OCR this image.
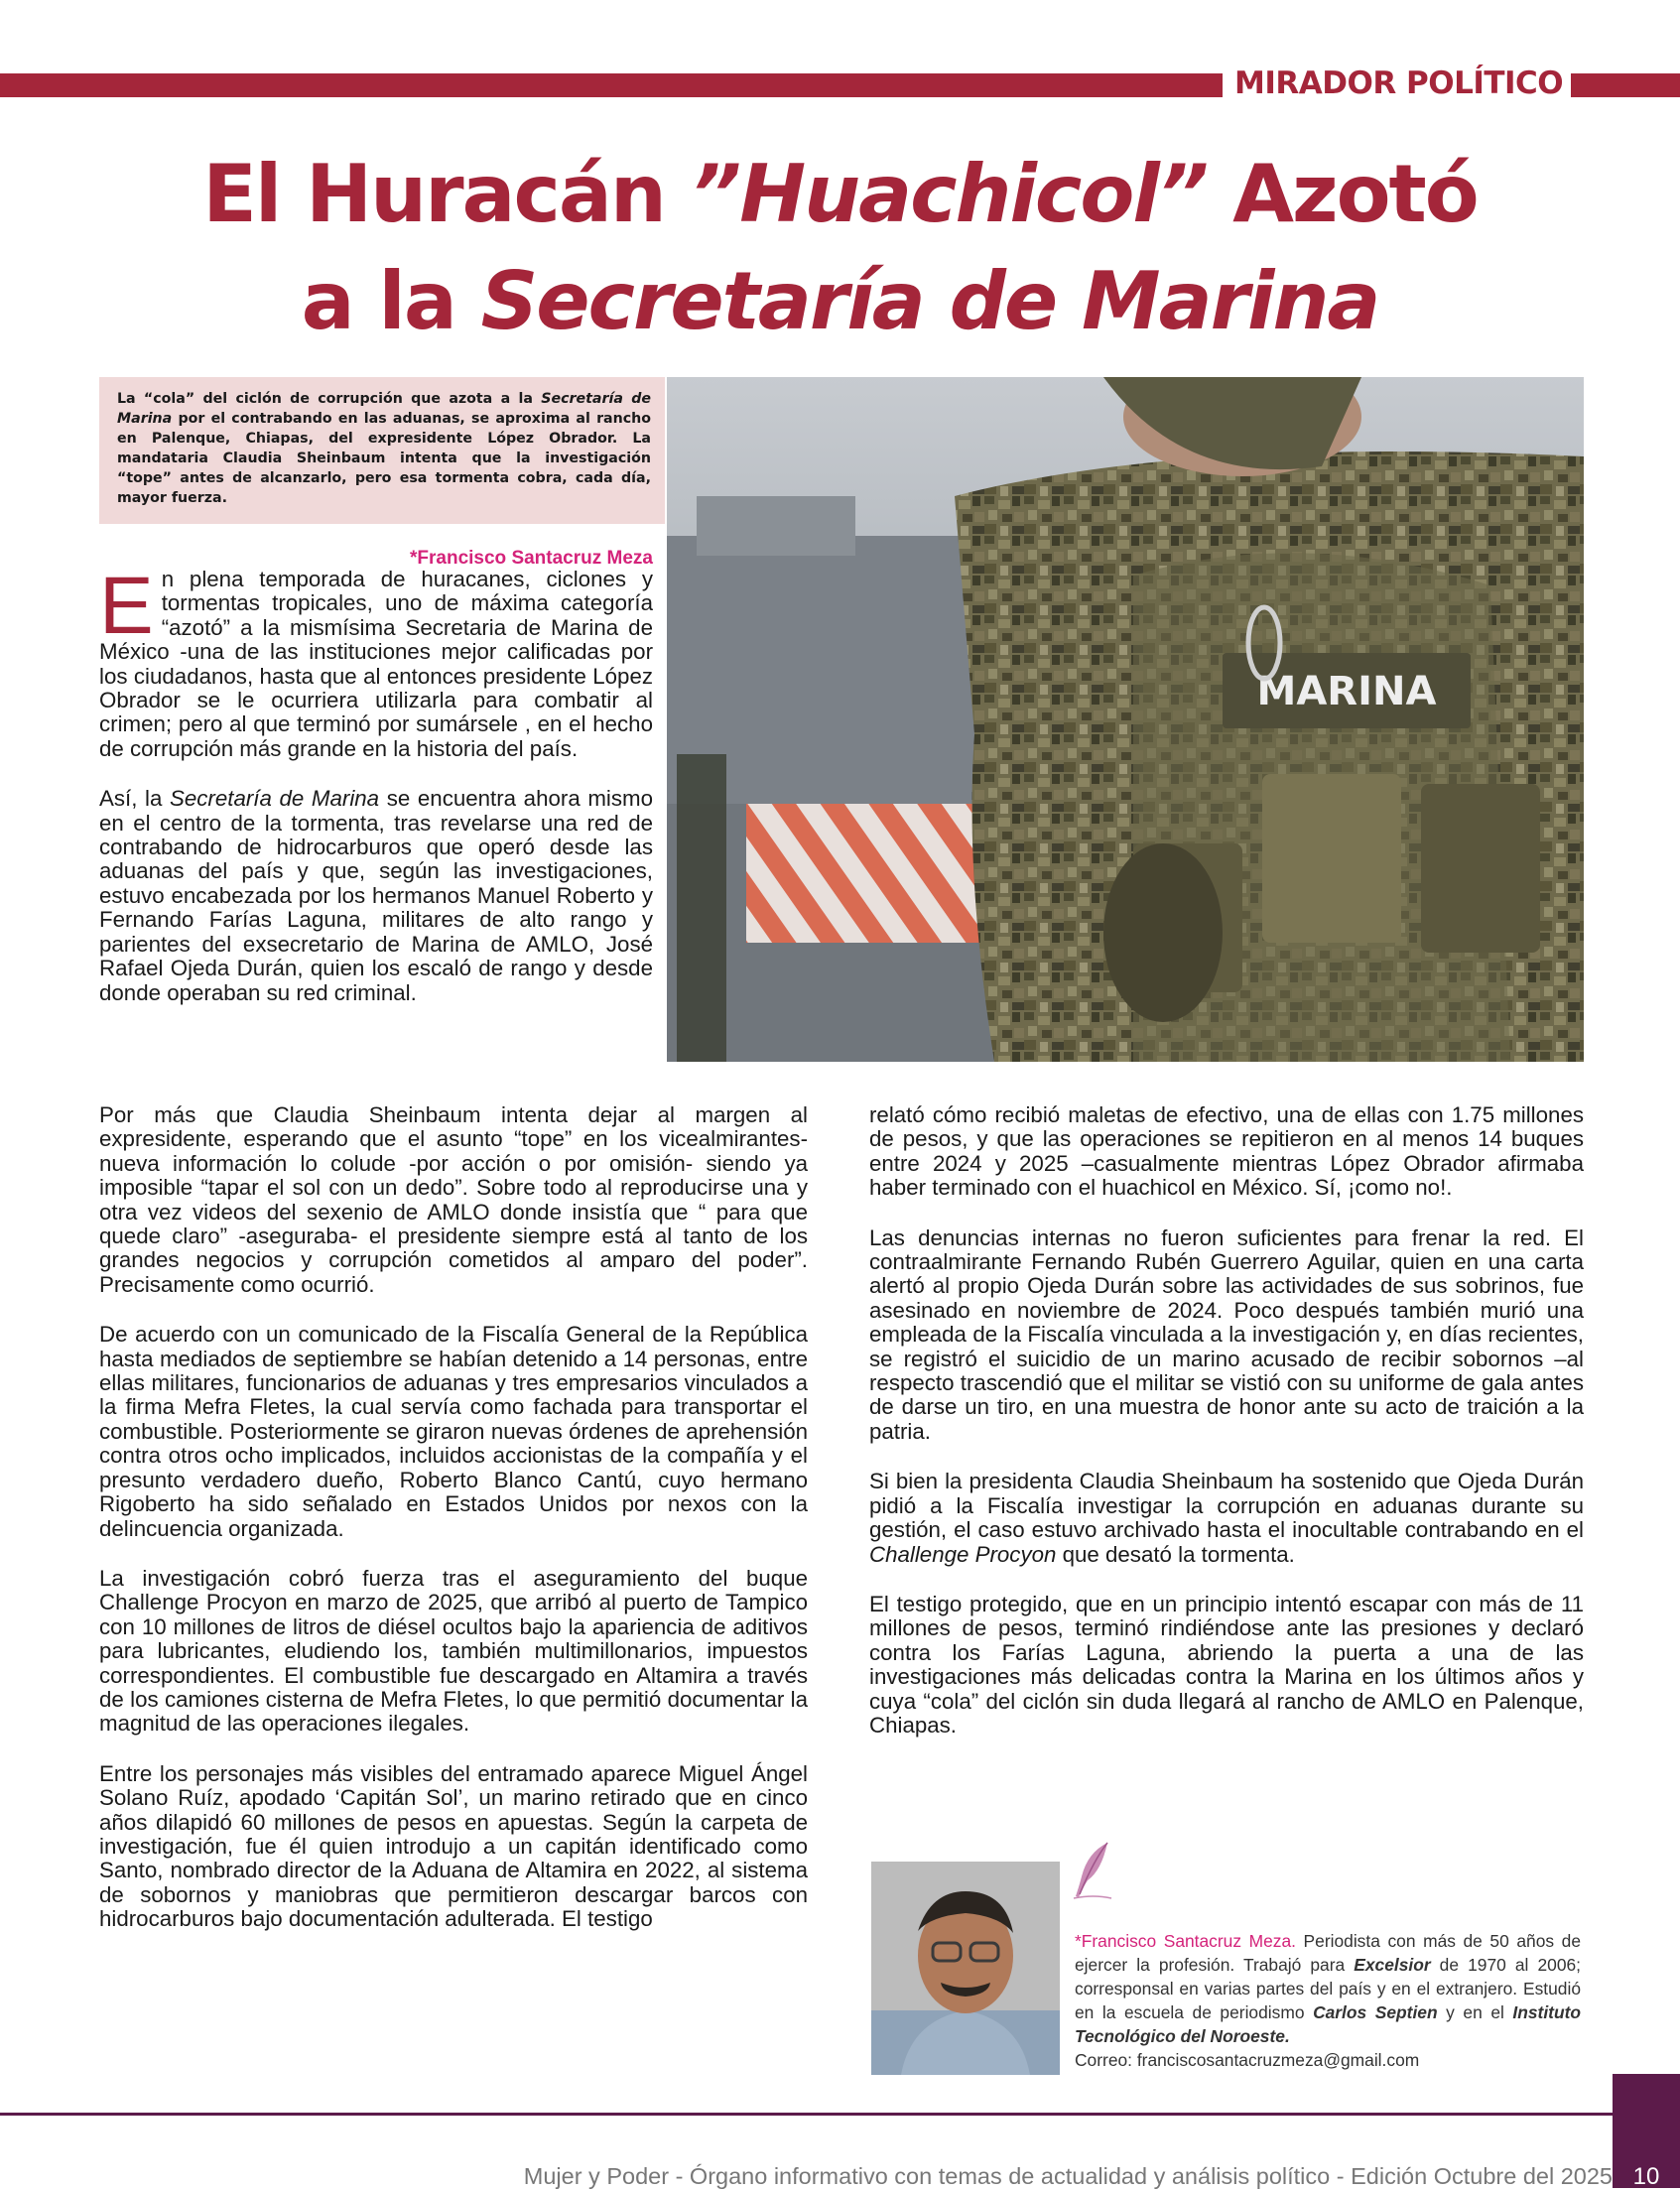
MIRADOR POLÍTICO
El Huracán ”Huachicol” Azotó
a la Secretaría de Marina
La “cola” del ciclón de corrupción que azota a la Secretaría de Marina por el contrabando en las aduanas, se aproxima al rancho en Palenque, Chiapas, del expresidente López Obrador. La mandataria Claudia Sheinbaum intenta que la investigación “tope” antes de alcanzarlo, pero esa tormenta cobra, cada día, mayor fuerza.
MARINA
*Francisco Santacruz Meza

En plena temporada de huracanes, ciclones y tormentas tropicales, uno de máxima categoría “azotó” a la mismísima Secretaria de Marina de México -una de las instituciones mejor calificadas por los ciudadanos, hasta que al entonces presidente López Obrador se le ocurriera utilizarla para combatir al crimen; pero al que terminó por sumársele , en el hecho de corrupción más grande en la historia del país.

Así, la Secretaría de Marina se encuentra ahora mismo en el centro de la tormenta, tras revelarse una red de contrabando de hidrocarburos que operó desde las aduanas del país y que, según las investigaciones, estuvo encabezada por los hermanos Manuel Roberto y Fernando Farías Laguna, militares de alto rango y parientes del exsecretario de Marina de AMLO, José Rafael Ojeda Durán, quien los escaló de rango y desde donde operaban su red criminal.

Por más que Claudia Sheinbaum intenta dejar al margen al expresidente, esperando que el asunto “tope” en los vicealmirantes- nueva información lo colude -por acción o por omisión- siendo ya imposible “tapar el sol con un dedo”. Sobre todo al reproducirse una y otra vez videos del sexenio de AMLO donde insistía que “ para que quede claro” -aseguraba- el presidente siempre está al tanto de los grandes negocios y corrupción cometidos al amparo del poder”. Precisamente como ocurrió.

De acuerdo con un comunicado de la Fiscalía General de la República hasta mediados de septiembre se habían detenido a 14 personas, entre ellas militares, funcionarios de aduanas y tres empresarios vinculados a la firma Mefra Fletes, la cual servía como fachada para transportar el combustible. Posteriormente se giraron nuevas órdenes de aprehensión contra otros ocho implicados, incluidos accionistas de la compañía y el presunto verdadero dueño, Roberto Blanco Cantú, cuyo hermano Rigoberto ha sido señalado en Estados Unidos por nexos con la delincuencia organizada.

La investigación cobró fuerza tras el aseguramiento del buque Challenge Procyon en marzo de 2025, que arribó al puerto de Tampico con 10 millones de litros de diésel ocultos bajo la apariencia de aditivos para lubricantes, eludiendo los, también multimillonarios, impuestos correspondientes. El combustible fue descargado en Altamira a través de los camiones cisterna de Mefra Fletes, lo que permitió documentar la magnitud de las operaciones ilegales.

Entre los personajes más visibles del entramado aparece Miguel Ángel Solano Ruíz, apodado ‘Capitán Sol’, un marino retirado que en cinco años dilapidó 60 millones de pesos en apuestas. Según la carpeta de investigación, fue él quien introdujo a un capitán identificado como Santo, nombrado director de la Aduana de Altamira en 2022, al sistema de sobornos y maniobras que permitieron descargar barcos con hidrocarburos bajo documentación adulterada. El testigo

relató cómo recibió maletas de efectivo, una de ellas con 1.75 millones de pesos, y que las operaciones se repitieron en al menos 14 buques entre 2024 y 2025 –casualmente mientras López Obrador afirmaba haber terminado con el huachicol en México. Sí, ¡como no!.

Las denuncias internas no fueron suficientes para frenar la red. El contraalmirante Fernando Rubén Guerrero Aguilar, quien en una carta alertó al propio Ojeda Durán sobre las actividades de sus sobrinos, fue asesinado en noviembre de 2024. Poco después también murió una empleada de la Fiscalía vinculada a la investigación y, en días recientes, se registró el suicidio de un marino acusado de recibir sobornos –al respecto trascendió que el militar se vistió con su uniforme de gala antes de darse un tiro, en una muestra de honor ante su acto de traición a la patria.

Si bien la presidenta Claudia Sheinbaum ha sostenido que Ojeda Durán pidió a la Fiscalía investigar la corrupción en aduanas durante su gestión, el caso estuvo archivado hasta el inocultable contrabando en el Challenge Procyon que desató la tormenta.

El testigo protegido, que en un principio intentó escapar con más de 11 millones de pesos, terminó rindiéndose ante las presiones y declaró contra los Farías Laguna, abriendo la puerta a una de las investigaciones más delicadas contra la Marina en los últimos años y cuya “cola” del ciclón sin duda llegará al rancho de AMLO en Palenque, Chiapas.

*Francisco Santacruz Meza. Periodista con más de 50 años de ejercer la profesión. Trabajó para Excelsior de 1970 al 2006; corresponsal en varias partes del país y en el extranjero. Estudió en la escuela de periodismo Carlos Septien y en el Instituto Tecnológico del Noroeste.
Correo: franciscosantacruzmeza@gmail.com
Mujer y Poder - Órgano informativo con temas de actualidad y análisis político - Edición Octubre del 2025 10
